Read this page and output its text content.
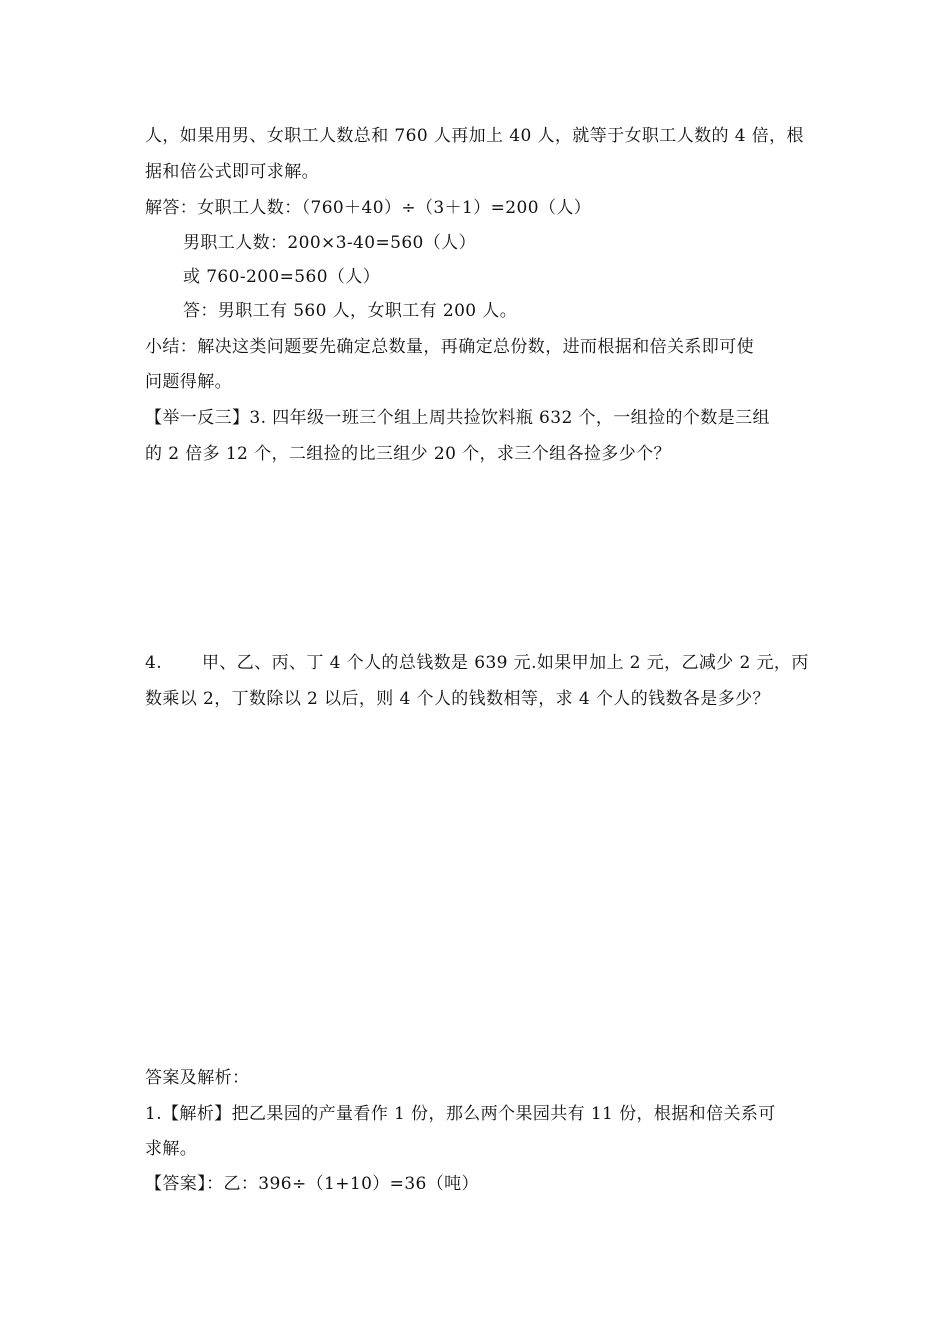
人，如果用男、女职工人数总和 760 人再加上 40 人，就等于女职工人数的 4 倍，根
据和倍公式即可求解。
解答：女职工人数：（760＋40）÷（3＋1）=200（人）
男职工人数：200×3-40=560（人）
或 760-200=560（人）
答：男职工有 560 人，女职工有 200 人。
小结：解决这类问题要先确定总数量，再确定总份数，进而根据和倍关系即可使
问题得解。
【举一反三】3. 四年级一班三个组上周共捡饮料瓶 632 个，一组捡的个数是三组
的 2 倍多 12 个，二组捡的比三组少 20 个，求三个组各捡多少个？
4. 甲、乙、丙、丁 4 个人的总钱数是 639 元.如果甲加上 2 元，乙减少 2 元，丙
数乘以 2，丁数除以 2 以后，则 4 个人的钱数相等，求 4 个人的钱数各是多少？
答案及解析：
1.【解析】把乙果园的产量看作 1 份，那么两个果园共有 11 份，根据和倍关系可
求解。
【答案】：乙：396÷（1+10）=36（吨）
